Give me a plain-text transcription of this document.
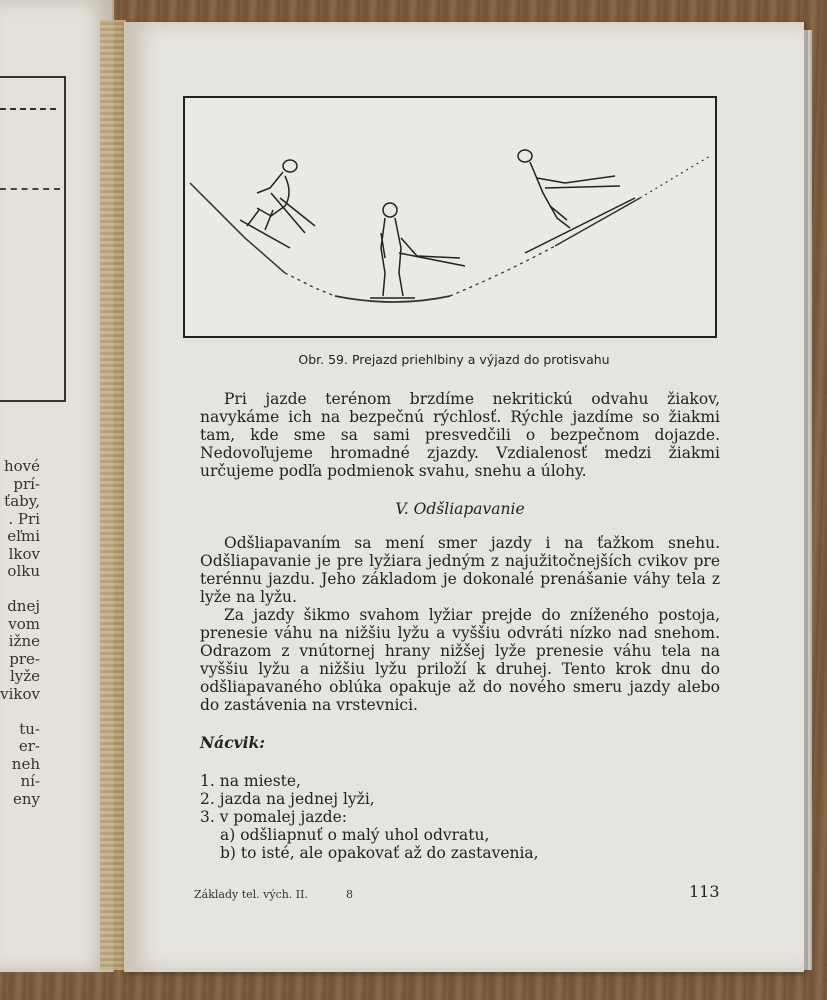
hové
prí-
ťaby,
. Pri
eľmi
lkov
olku

dnej
vom
ižne
pre-
lyže
vikov

tu-
er-
neh
ní-
eny
Obr. 59. Prejazd priehlbiny a výjazd do protisvahu

Pri jazde terénom brzdíme nekritickú odvahu žiakov, navykáme ich na bezpečnú rýchlosť. Rýchle jazdíme so žiakmi tam, kde sme sa sami presvedčili o bezpečnom dojazde. Nedovoľujeme hromadné zjazdy. Vzdialenosť medzi žiakmi určujeme podľa podmienok svahu, snehu a úlohy.

V. Odšliapavanie

Odšliapavaním sa mení smer jazdy i na ťažkom snehu. Odšliapavanie je pre lyžiara jedným z najužitočnejších cvikov pre terénnu jazdu. Jeho základom je dokonalé prenášanie váhy tela z lyže na lyžu.

Za jazdy šikmo svahom lyžiar prejde do zníženého postoja, prenesie váhu na nižšiu lyžu a vyššiu odvráti nízko nad snehom. Odrazom z vnútornej hrany nižšej lyže prenesie váhu tela na vyššiu lyžu a nižšiu lyžu priloží k druhej. Tento krok dnu do odšliapavaného oblúka opakuje až do nového smeru jazdy alebo do zastávenia na vrstevnici.

Nácvik:

1. na mieste,
2. jazda na jednej lyži,
3. v pomalej jazde:
a) odšliapnuť o malý uhol odvratu,
b) to isté, ale opakovať až do zastavenia,
Základy tel. vých. II.	8	113
